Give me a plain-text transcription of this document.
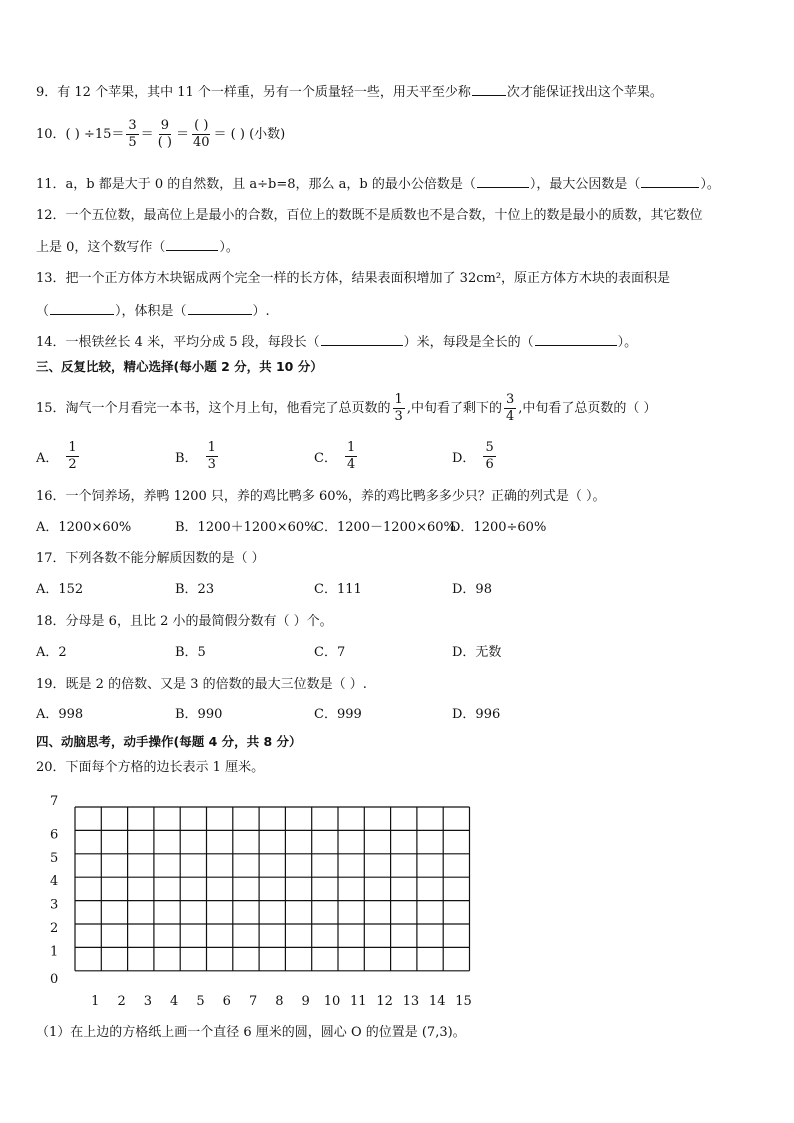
9．有 12 个苹果，其中 11 个一样重，另有一个质量轻一些，用天平至少称	次才能保证找出这个苹果。
10．( ) $\div 15= \frac{3}{5} = \frac{9}{( )} = \frac{( )}{40}$ ＝ ( ) (小数)
11．a，b 都是大于 0 的自然数，且 a÷b=8，那么 a，b 的最小公倍数是（	），最大公因数是（	）。
12．一个五位数，最高位上是最小的合数，百位上的数既不是质数也不是合数，十位上的数是最小的质数，其它数位
上是 0，这个数写作（	）。
13．把一个正方体方木块锯成两个完全一样的长方体，结果表面积增加了 32cm²，原正方体方木块的表面积是
（	），体积是（	）.
14．一根铁丝长 4 米，平均分成 5 段，每段长（	）米，每段是全长的（	）。
三、反复比较，精心选择(每小题 2 分，共 10 分）
15．淘气一个月看完一本书，这个月上旬，他看完了总页数的 $\frac{1}{3}$ ,中旬看了剩下的 $\frac{3}{4}$ ,中旬看了总页数的（ ）
A． $\frac{1}{2}$	B． $\frac{1}{3}$	C． $\frac{1}{4}$	D． $\frac{5}{6}$
16．一个饲养场，养鸭 1200 只，养的鸡比鸭多 60%，养的鸡比鸭多多少只？正确的列式是（ ）。
A．1200×60%	B．1200＋1200×60%
C．1200－1200×60%
D．1200÷60%
17．下列各数不能分解质因数的是（ ）
A．152	B．23	C．111	D．98
18．分母是 6，且比 2 小的最简假分数有（ ）个。
A．2	B．5	C．7	D．无数
19．既是 2 的倍数、又是 3 的倍数的最大三位数是（ ）.
A．998	B．990	C．999	D．996
四、动脑思考，动手操作(每题 4 分，共 8 分）
20．下面每个方格的边长表示 1 厘米。
0
1
2
3
4
5
6
7
1 2 3 4 5 6 7 8 9 10 11 12 13 14 15
（1）在上边的方格纸上画一个直径 6 厘米的圆，圆心 O 的位置是 (7,3)。
